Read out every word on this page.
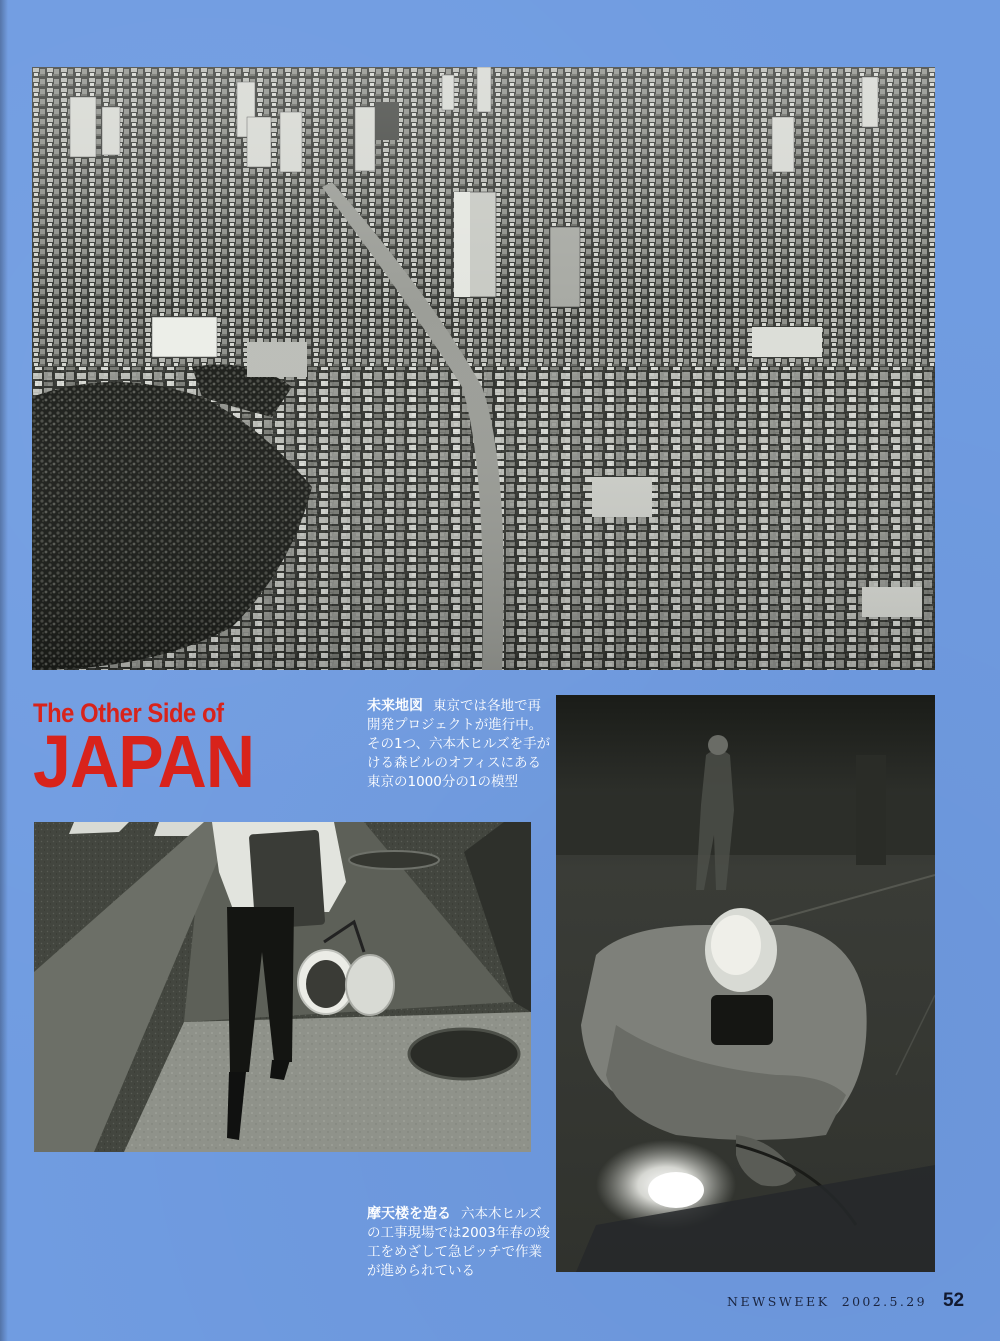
The Other Side of
JAPAN
未来地図 東京では各地で再開発プロジェクトが進行中。その1つ、六本木ヒルズを手がける森ビルのオフィスにある東京の1000分の1の模型
摩天楼を造る 六本木ヒルズの工事現場では2003年春の竣工をめざして急ピッチで作業が進められている
NEWSWEEK 2002.5.29 52
